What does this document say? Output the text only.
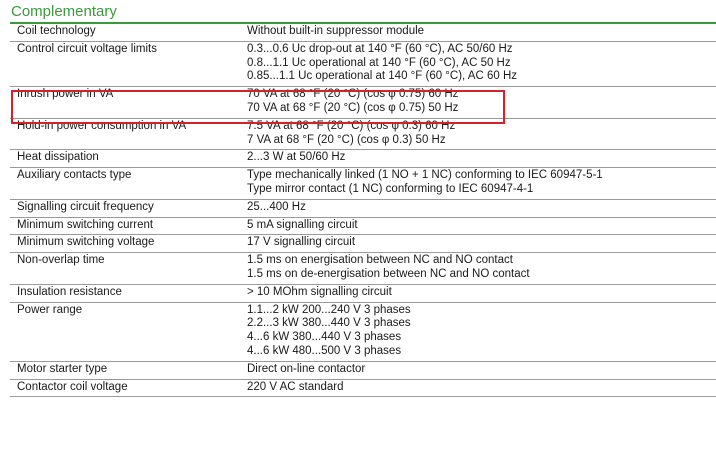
Complementary
Coil technology	Without built-in suppressor module

Control circuit voltage limits	0.3...0.6 Uc drop-out at 140 °F (60 °C), AC 50/60 Hz
0.8...1.1 Uc operational at 140 °F (60 °C), AC 50 Hz
0.85...1.1 Uc operational at 140 °F (60 °C), AC 60 Hz

Inrush power in VA	70 VA at 68 °F (20 °C) (cos φ 0.75) 60 Hz
70 VA at 68 °F (20 °C) (cos φ 0.75) 50 Hz

Hold-in power consumption in VA	7.5 VA at 68 °F (20 °C) (cos φ 0.3) 60 Hz
7 VA at 68 °F (20 °C) (cos φ 0.3) 50 Hz

Heat dissipation	2...3 W at 50/60 Hz

Auxiliary contacts type	Type mechanically linked (1 NO + 1 NC) conforming to IEC 60947-5-1
Type mirror contact (1 NC) conforming to IEC 60947-4-1

Signalling circuit frequency	25...400 Hz

Minimum switching current	5 mA signalling circuit

Minimum switching voltage	17 V signalling circuit

Non-overlap time	1.5 ms on energisation between NC and NO contact
1.5 ms on de-energisation between NC and NO contact

Insulation resistance	> 10 MOhm signalling circuit

Power range	1.1...2 kW 200...240 V 3 phases
2.2...3 kW 380...440 V 3 phases
4...6 kW 380...440 V 3 phases
4...6 kW 480...500 V 3 phases

Motor starter type	Direct on-line contactor

Contactor coil voltage	220 V AC standard
